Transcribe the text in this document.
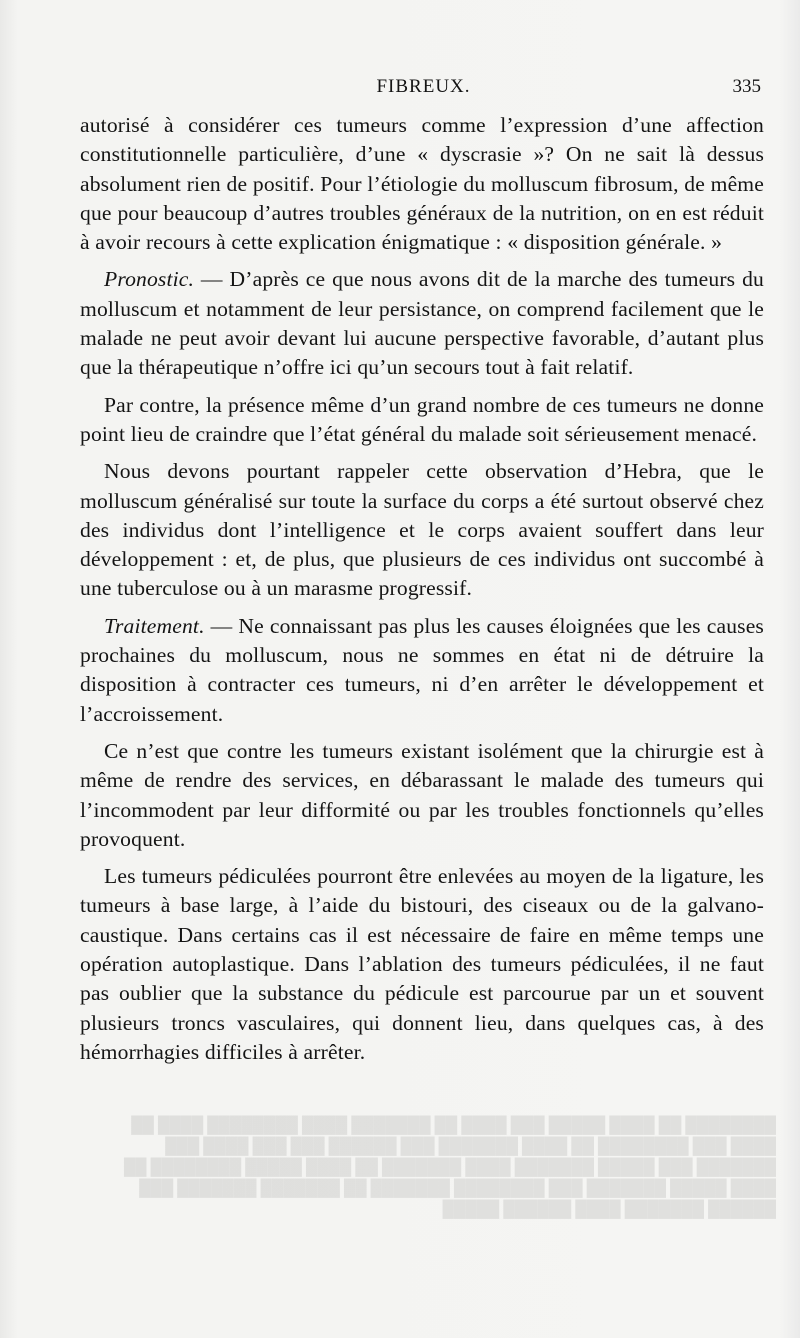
████████ ██ ████ █████ ███ ████ ██ ███████ ████ ████████ ████ ██ ████ ███ ████████ ██ ████ ███████ ███ ██████ ███ ███ ████ ███ ███████ ███ █████ ███████ ████ ███████ ██ ████ █████ ████████ ██ ████ █████ ███████ ███ ████████ ███████ ██ ███████ ███████ ███ ██████ ███████ ████ ██████ █████
FIBREUX.	335

autorisé à considérer ces tumeurs comme l’expression d’une affection constitutionnelle particulière, d’une « dyscrasie »? On ne sait là dessus absolument rien de positif. Pour l’étiologie du molluscum fibrosum, de même que pour beaucoup d’autres troubles généraux de la nutrition, on en est réduit à avoir recours à cette explication énigmatique : « disposition générale. »

Pronostic. — D’après ce que nous avons dit de la marche des tumeurs du molluscum et notamment de leur persistance, on comprend facilement que le malade ne peut avoir devant lui aucune perspective favorable, d’autant plus que la thérapeutique n’offre ici qu’un secours tout à fait relatif.

Par contre, la présence même d’un grand nombre de ces tumeurs ne donne point lieu de craindre que l’état général du malade soit sérieusement menacé.

Nous devons pourtant rappeler cette observation d’Hebra, que le molluscum généralisé sur toute la surface du corps a été surtout observé chez des individus dont l’intelligence et le corps avaient souffert dans leur développement : et, de plus, que plusieurs de ces individus ont succombé à une tuberculose ou à un marasme progressif.

Traitement. — Ne connaissant pas plus les causes éloignées que les causes prochaines du molluscum, nous ne sommes en état ni de détruire la disposition à contracter ces tumeurs, ni d’en arrêter le développement et l’accroissement.

Ce n’est que contre les tumeurs existant isolément que la chirurgie est à même de rendre des services, en débarassant le malade des tumeurs qui l’incommodent par leur difformité ou par les troubles fonctionnels qu’elles provoquent.

Les tumeurs pédiculées pourront être enlevées au moyen de la ligature, les tumeurs à base large, à l’aide du bistouri, des ciseaux ou de la galvano-caustique. Dans certains cas il est nécessaire de faire en même temps une opération autoplastique. Dans l’ablation des tumeurs pédiculées, il ne faut pas oublier que la substance du pédicule est parcourue par un et souvent plusieurs troncs vasculaires, qui donnent lieu, dans quelques cas, à des hémorrhagies difficiles à arrêter.
